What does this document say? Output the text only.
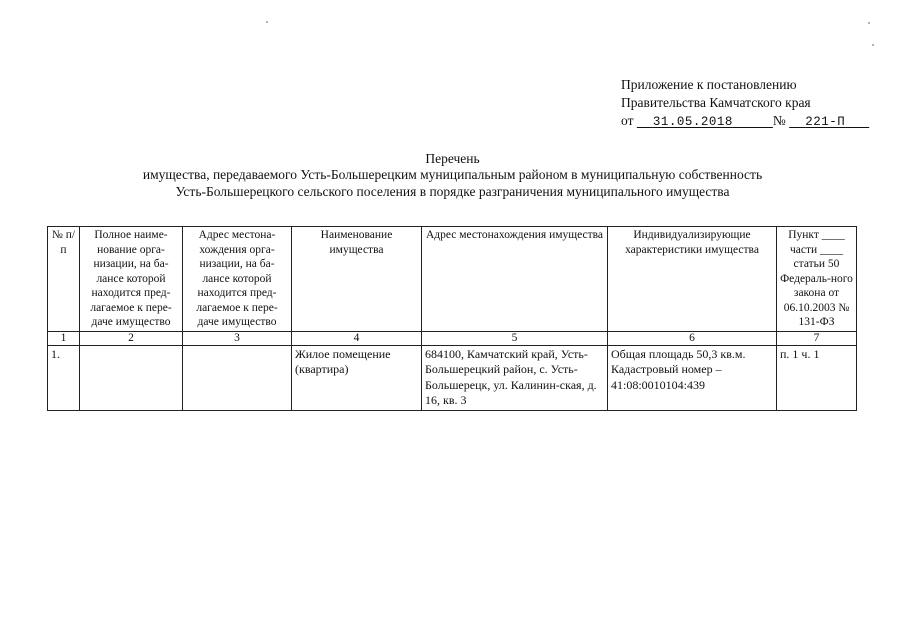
Приложение к постановлению
Правительства Камчатского края
от 31.05.2018	№ 221-П
Перечень
имущества, передаваемого Усть-Большерецким муниципальным районом в муниципальную собственность
Усть-Большерецкого сельского поселения в порядке разграничения муниципального имущества
№ п/п	Полное наиме-нование орга-низации, на ба-лансе которой находится пред-лагаемое к пере-даче имущество	Адрес местона-хождения орга-низации, на ба-лансе которой находится пред-лагаемое к пере-даче имущество	Наименование имущества	Адрес местонахождения имущества	Индивидуализирующие характеристики имущества	Пункт ____ части ____ статьи 50 Федераль-ного закона от 06.10.2003 № 131-ФЗ
1	2	3	4	5	6	7
1.			Жилое помещение (квартира)	684100, Камчатский край, Усть-Большерецкий район, с. Усть-Большерецк, ул. Калинин-ская, д. 16, кв. 3	Общая площадь 50,3 кв.м. Кадастровый номер – 41:08:0010104:439	п. 1 ч. 1
